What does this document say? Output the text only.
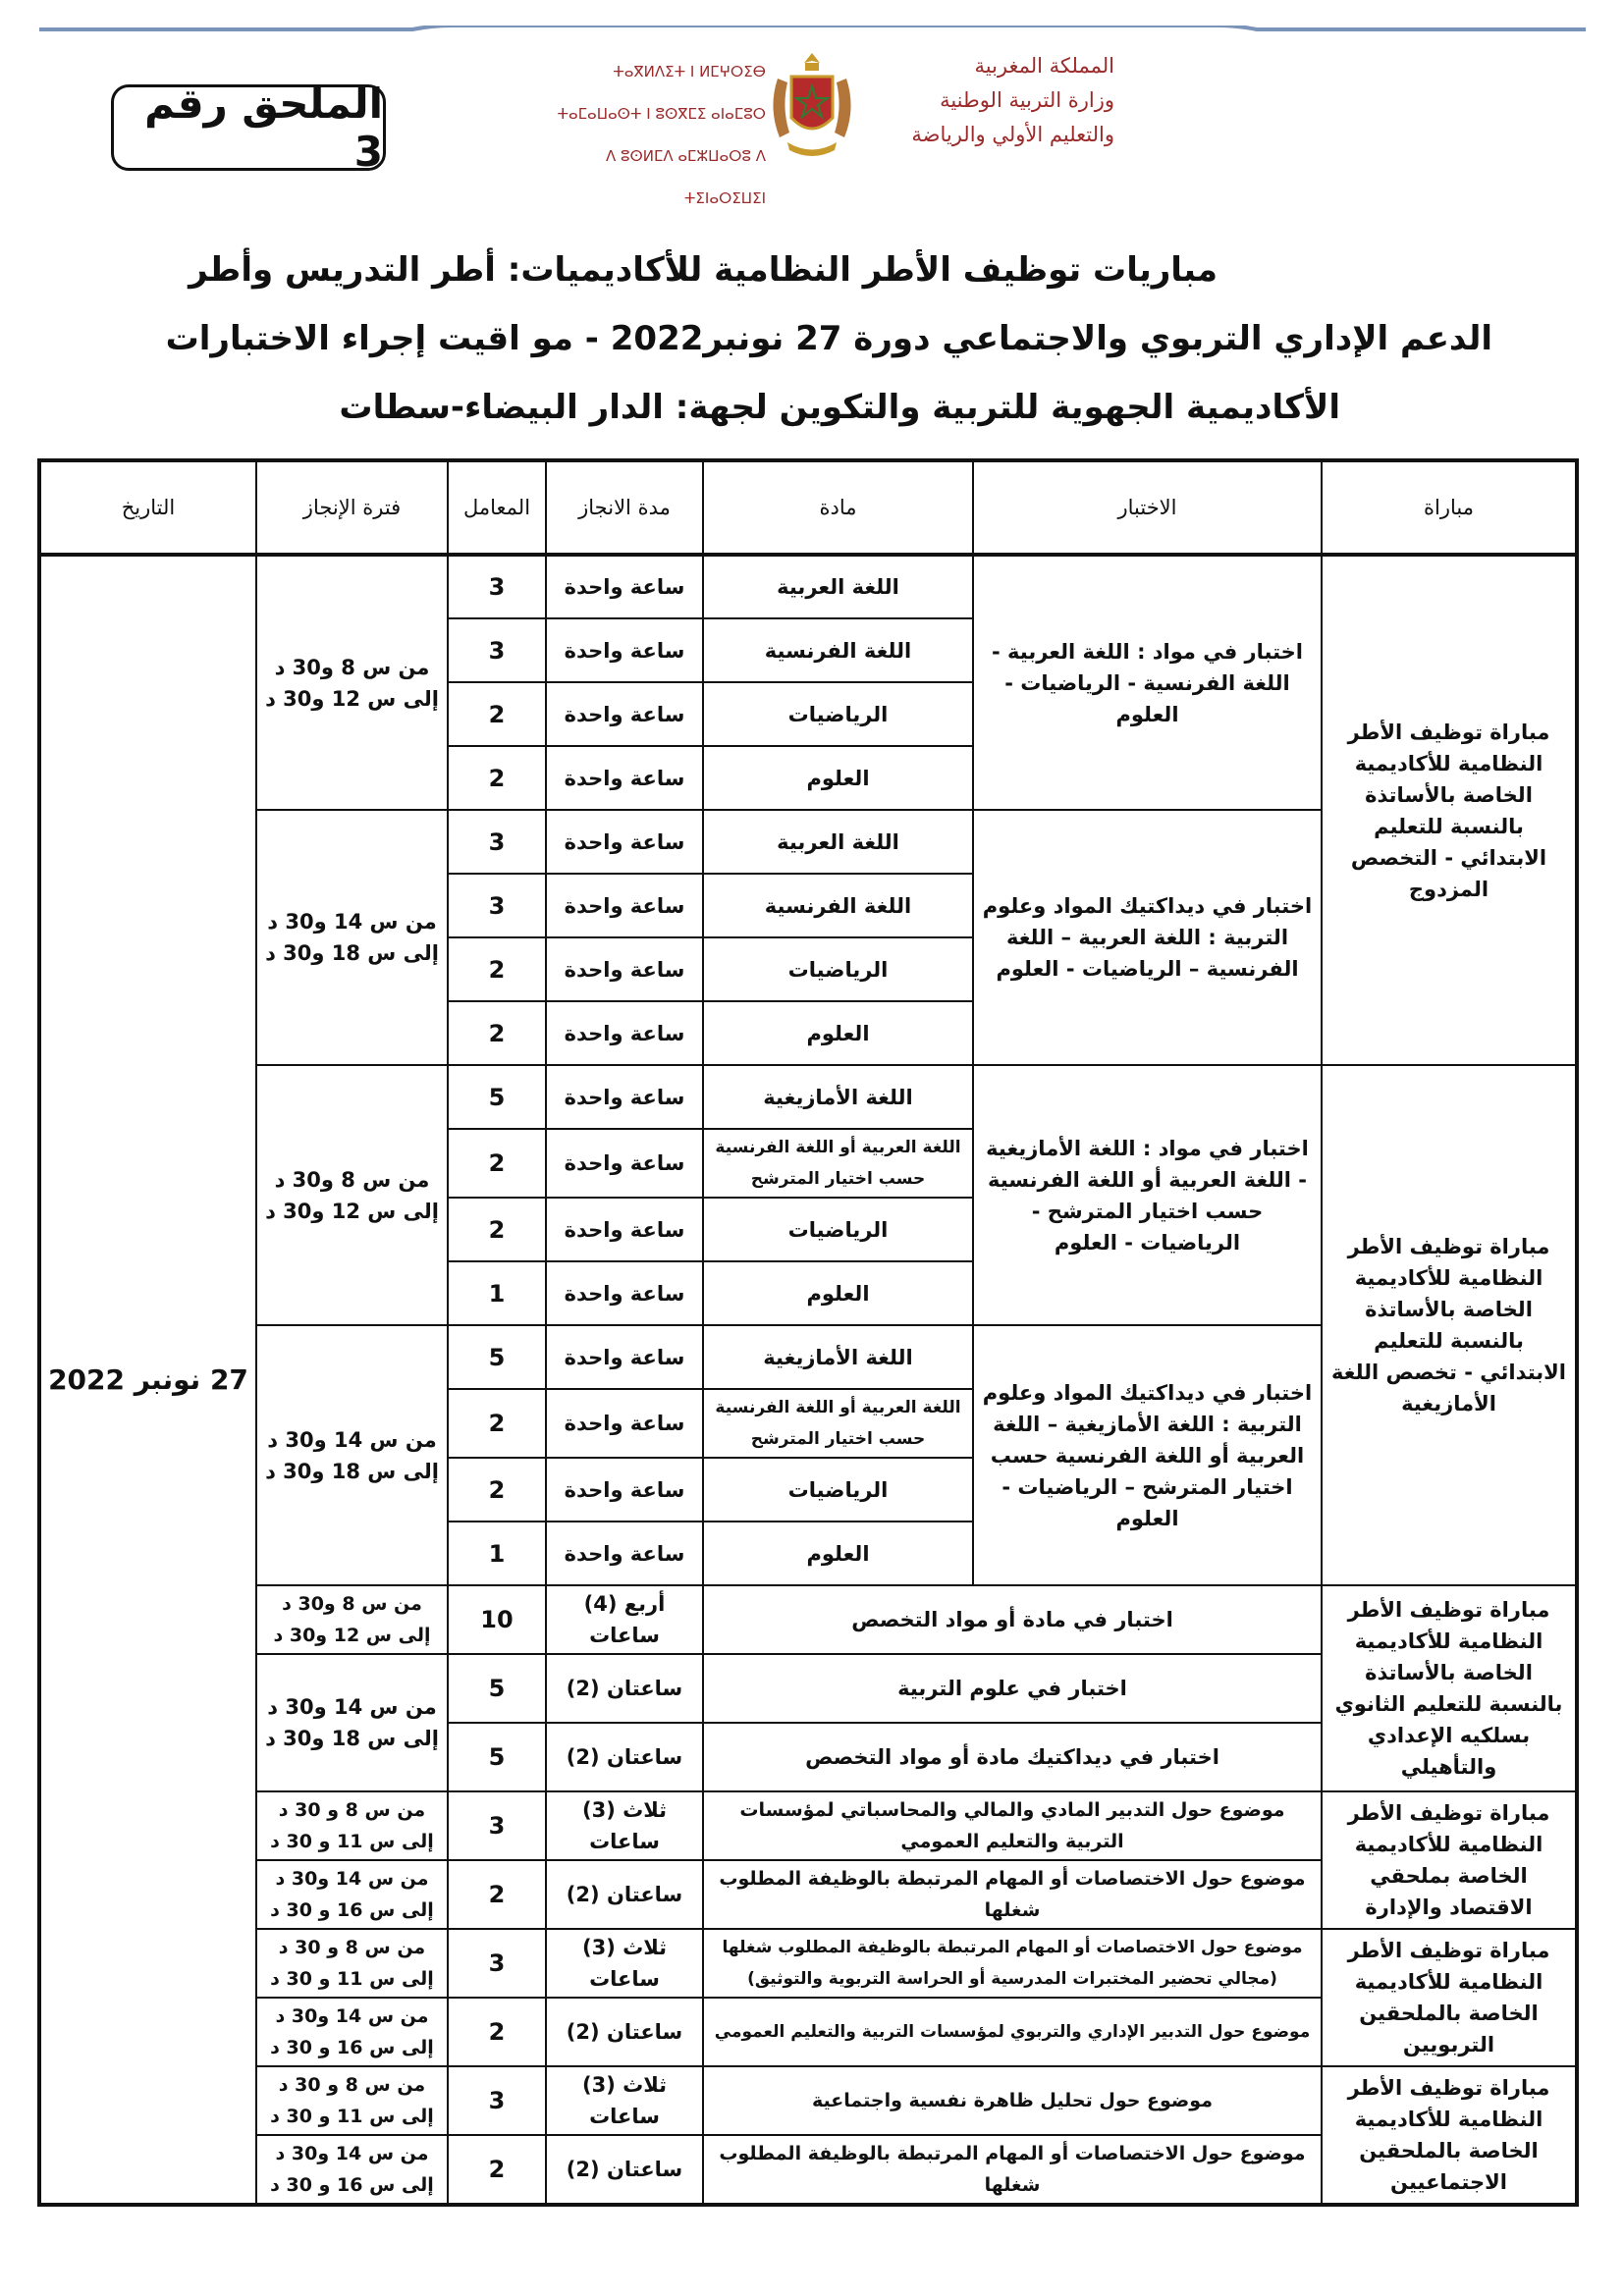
الملحق رقم 3
ⵜⴰⴳⵍⴷⵉⵜ ⵏ ⵍⵎⵖⵔⵉⴱ
ⵜⴰⵎⴰⵡⴰⵙⵜ ⵏ ⵓⵙⴳⵎⵉ ⴰⵏⴰⵎⵓⵔ
ⴷ ⵓⵙⵍⵎⴷ ⴰⵎⵣⵡⴰⵔⵓ ⴷ ⵜⵉⵏⴰⵔⵉⵡⵉⵏ
المملكة المغربية
وزارة التربية الوطنية
والتعليم الأولي والرياضة
مباريات توظيف الأطر النظامية للأكاديميات: أطر التدريس وأطر
الدعم الإداري التربوي والاجتماعي دورة 27 نونبر2022 - مو اقيت إجراء الاختبارات
الأكاديمية الجهوية للتربية والتكوين لجهة: الدار البيضاء-سطات
مباراة	الاختبار	مادة	مدة الانجاز	المعامل	فترة الإنجاز	التاريخ
مباراة توظيف الأطر النظامية للأكاديمية الخاصة بالأساتذة بالنسبة للتعليم الابتدائي - التخصص المزدوج	اختبار في مواد : اللغة العربية - اللغة الفرنسية - الرياضيات - العلوم	اللغة العربية	ساعة واحدة	3	من س 8 و30 د إلى س 12 و30 د	27 نونبر 2022
		اللغة الفرنسية	ساعة واحدة	3		
		الرياضيات	ساعة واحدة	2		
		العلوم	ساعة واحدة	2		
	اختبار في ديداكتيك المواد وعلوم التربية : اللغة العربية – اللغة الفرنسية – الرياضيات - العلوم	اللغة العربية	ساعة واحدة	3	من س 14 و30 د إلى س 18 و30 د	
		اللغة الفرنسية	ساعة واحدة	3		
		الرياضيات	ساعة واحدة	2		
		العلوم	ساعة واحدة	2		
مباراة توظيف الأطر النظامية للأكاديمية الخاصة بالأساتذة بالنسبة للتعليم الابتدائي - تخصص اللغة الأمازيغية	اختبار في مواد : اللغة الأمازيغية - اللغة العربية أو اللغة الفرنسية حسب اختيار المترشح - الرياضيات - العلوم	اللغة الأمازيغية	ساعة واحدة	5	من س 8 و30 د إلى س 12 و30 د	
		اللغة العربية أو اللغة الفرنسية حسب اختيار المترشح	ساعة واحدة	2		
		الرياضيات	ساعة واحدة	2		
		العلوم	ساعة واحدة	1		
	اختبار في ديداكتيك المواد وعلوم التربية : اللغة الأمازيغية – اللغة العربية أو اللغة الفرنسية حسب اختيار المترشح – الرياضيات - العلوم	اللغة الأمازيغية	ساعة واحدة	5	من س 14 و30 د إلى س 18 و30 د	
		اللغة العربية أو اللغة الفرنسية حسب اختيار المترشح	ساعة واحدة	2		
		الرياضيات	ساعة واحدة	2		
		العلوم	ساعة واحدة	1		
مباراة توظيف الأطر النظامية للأكاديمية الخاصة بالأساتذة بالنسبة للتعليم الثانوي بسلكيه الإعدادي والتأهيلي	اختبار في مادة أو مواد التخصص		أربع (4) ساعات	10	من س 8 و30 د إلى س 12 و30 د	
	اختبار في علوم التربية		ساعتان (2)	5	من س 14 و30 د إلى س 18 و30 د	
	اختبار في ديداكتيك مادة أو مواد التخصص		ساعتان (2)	5		
مباراة توظيف الأطر النظامية للأكاديمية الخاصة بملحقي الاقتصاد والإدارة	موضوع حول التدبير المادي والمالي والمحاسباتي لمؤسسات التربية والتعليم العمومي		ثلاث (3) ساعات	3	من س 8 و 30 د إلى س 11 و 30 د	
	موضوع حول الاختصاصات أو المهام المرتبطة بالوظيفة المطلوب شغلها		ساعتان (2)	2	من س 14 و30 د إلى س 16 و 30 د	
مباراة توظيف الأطر النظامية للأكاديمية الخاصة بالملحقين التربويين	موضوع حول الاختصاصات أو المهام المرتبطة بالوظيفة المطلوب شغلها (مجالي تحضير المختبرات المدرسية أو الحراسة التربوية والتوثيق)		ثلاث (3) ساعات	3	من س 8 و 30 د إلى س 11 و 30 د	
	موضوع حول التدبير الإداري والتربوي لمؤسسات التربية والتعليم العمومي		ساعتان (2)	2	من س 14 و30 د إلى س 16 و 30 د	
مباراة توظيف الأطر النظامية للأكاديمية الخاصة بالملحقين الاجتماعيين	موضوع حول تحليل ظاهرة نفسية واجتماعية		ثلاث (3) ساعات	3	من س 8 و 30 د إلى س 11 و 30 د	
	موضوع حول الاختصاصات أو المهام المرتبطة بالوظيفة المطلوب شغلها		ساعتان (2)	2	من س 14 و30 د إلى س 16 و 30 د	
